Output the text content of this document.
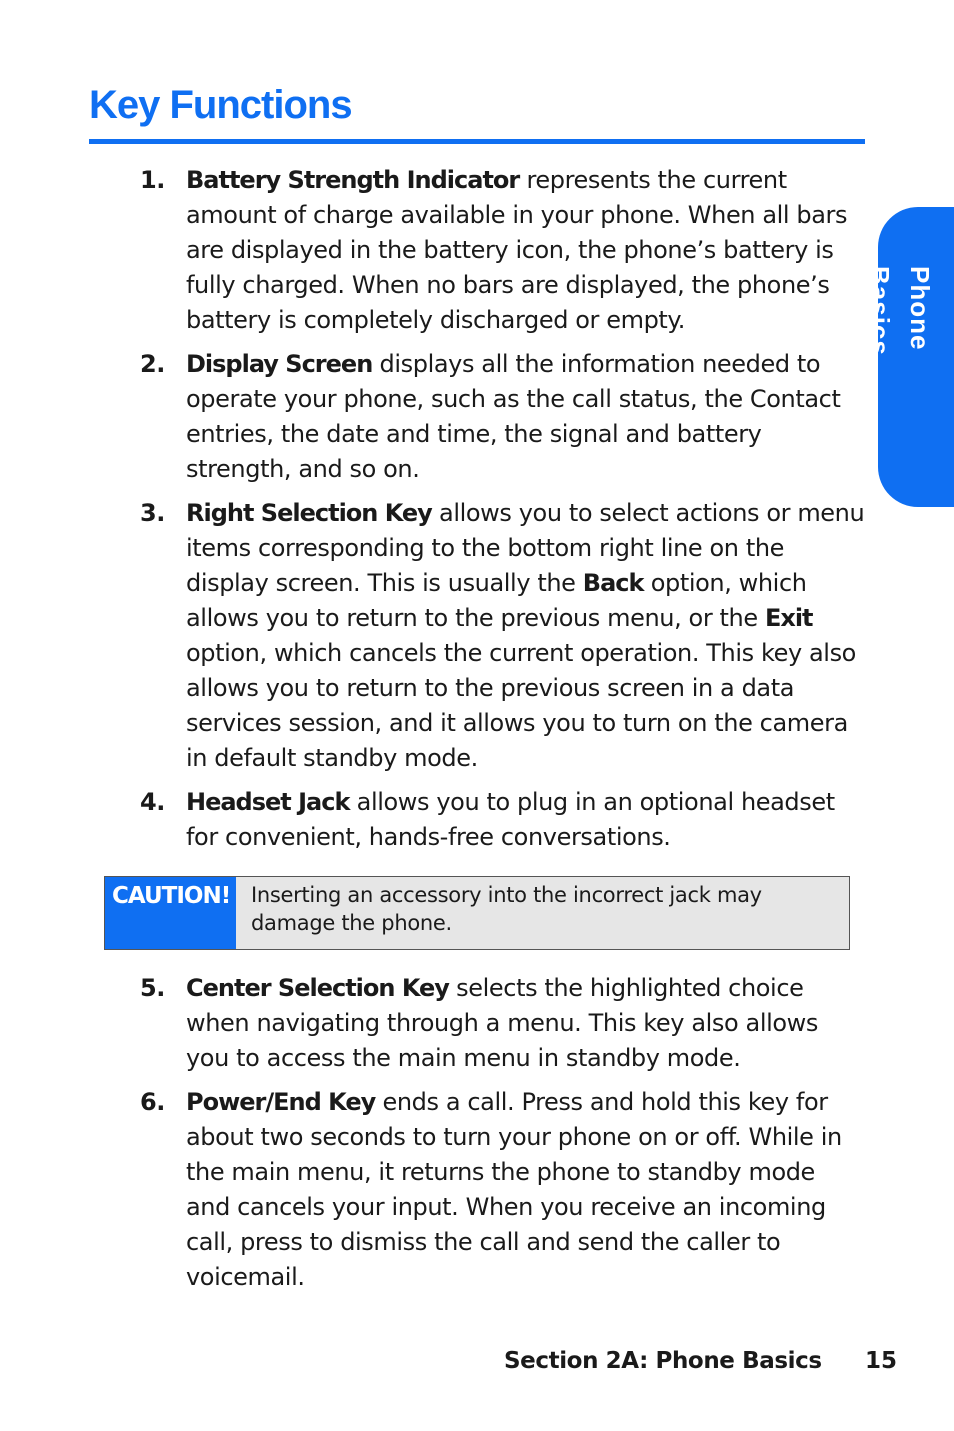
Key Functions
Phone Basics
1. Battery Strength Indicator represents the current amount of charge available in your phone. When all bars are displayed in the battery icon, the phone’s battery is fully charged. When no bars are displayed, the phone’s battery is completely discharged or empty.
2. Display Screen displays all the information needed to operate your phone, such as the call status, the Contact entries, the date and time, the signal and battery strength, and so on.
3. Right Selection Key allows you to select actions or menu items corresponding to the bottom right line on the display screen. This is usually the Back option, which allows you to return to the previous menu, or the Exit option, which cancels the current operation. This key also allows you to return to the previous screen in a data services session, and it allows you to turn on the camera in default standby mode.
4. Headset Jack allows you to plug in an optional headset for convenient, hands-free conversations.
CAUTION! Inserting an accessory into the incorrect jack may damage the phone.
5. Center Selection Key selects the highlighted choice when navigating through a menu. This key also allows you to access the main menu in standby mode.
6. Power/End Key ends a call. Press and hold this key for about two seconds to turn your phone on or off. While in the main menu, it returns the phone to standby mode and cancels your input. When you receive an incoming call, press to dismiss the call and send the caller to voicemail.
Section 2A: Phone Basics 15
